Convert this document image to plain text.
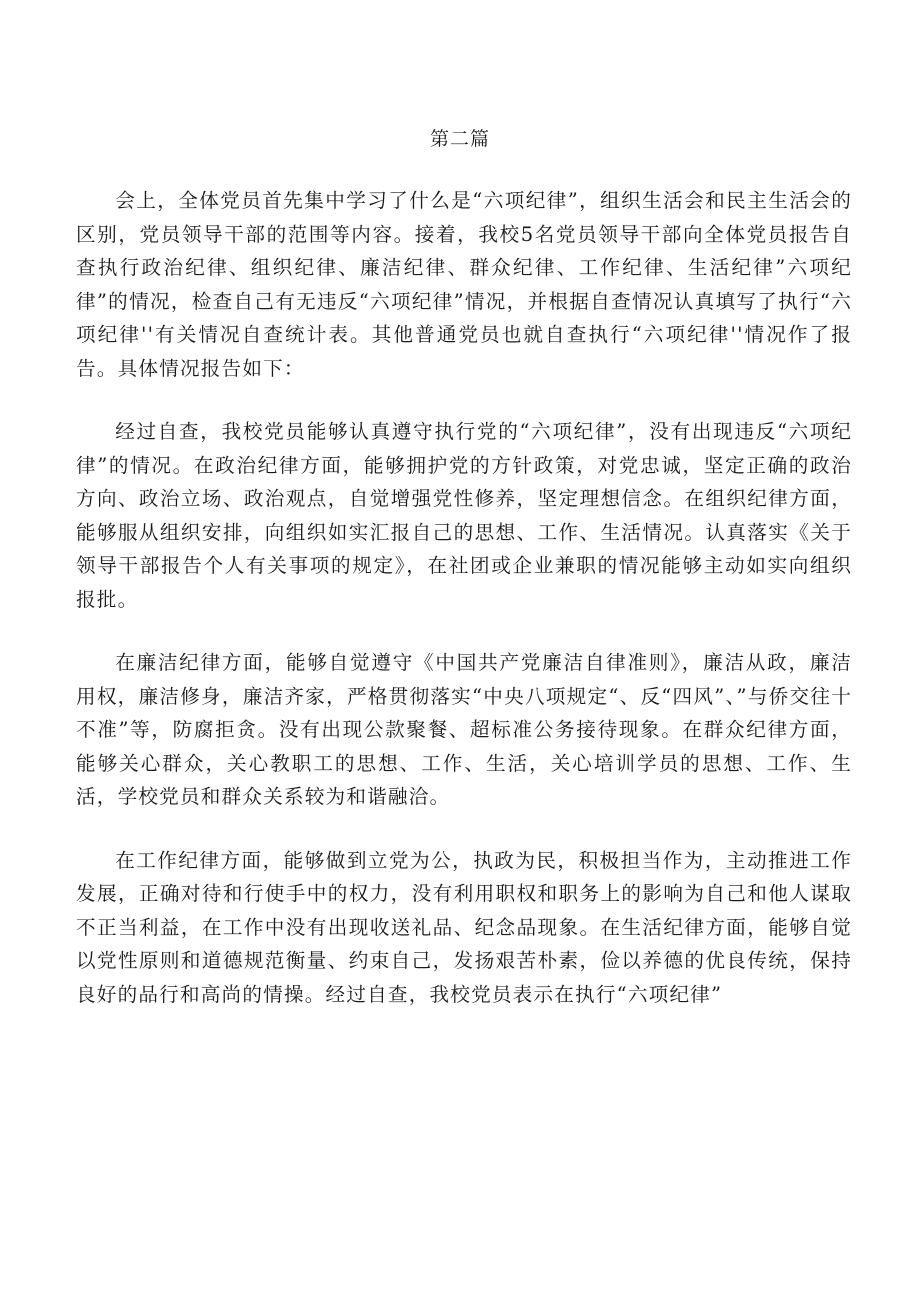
第二篇

会上，全体党员首先集中学习了什么是“六项纪律”，组织生活会和民主生活会的区别，党员领导干部的范围等内容。接着，我校5名党员领导干部向全体党员报告自查执行政治纪律、组织纪律、廉洁纪律、群众纪律、工作纪律、生活纪律”六项纪律”的情况，检查自己有无违反“六项纪律”情况，并根据自查情况认真填写了执行“六项纪律''有关情况自查统计表。其他普通党员也就自查执行“六项纪律''情况作了报告。具体情况报告如下：

经过自查，我校党员能够认真遵守执行党的“六项纪律”，没有出现违反“六项纪律”的情况。在政治纪律方面，能够拥护党的方针政策，对党忠诚，坚定正确的政治方向、政治立场、政治观点，自觉增强党性修养，坚定理想信念。在组织纪律方面，能够服从组织安排，向组织如实汇报自己的思想、工作、生活情况。认真落实《关于领导干部报告个人有关事项的规定》，在社团或企业兼职的情况能够主动如实向组织报批。

在廉洁纪律方面，能够自觉遵守《中国共产党廉洁自律准则》，廉洁从政，廉洁用权，廉洁修身，廉洁齐家，严格贯彻落实“中央八项规定“、反“四风”、”与侨交往十不准”等，防腐拒贪。没有出现公款聚餐、超标准公务接待现象。在群众纪律方面，能够关心群众，关心教职工的思想、工作、生活，关心培训学员的思想、工作、生活，学校党员和群众关系较为和谐融洽。

在工作纪律方面，能够做到立党为公，执政为民，积极担当作为，主动推进工作发展，正确对待和行使手中的权力，没有利用职权和职务上的影响为自己和他人谋取不正当利益，在工作中没有出现收送礼品、纪念品现象。在生活纪律方面，能够自觉以党性原则和道德规范衡量、约束自己，发扬艰苦朴素，俭以养德的优良传统，保持良好的品行和高尚的情操。经过自查，我校党员表示在执行“六项纪律”
